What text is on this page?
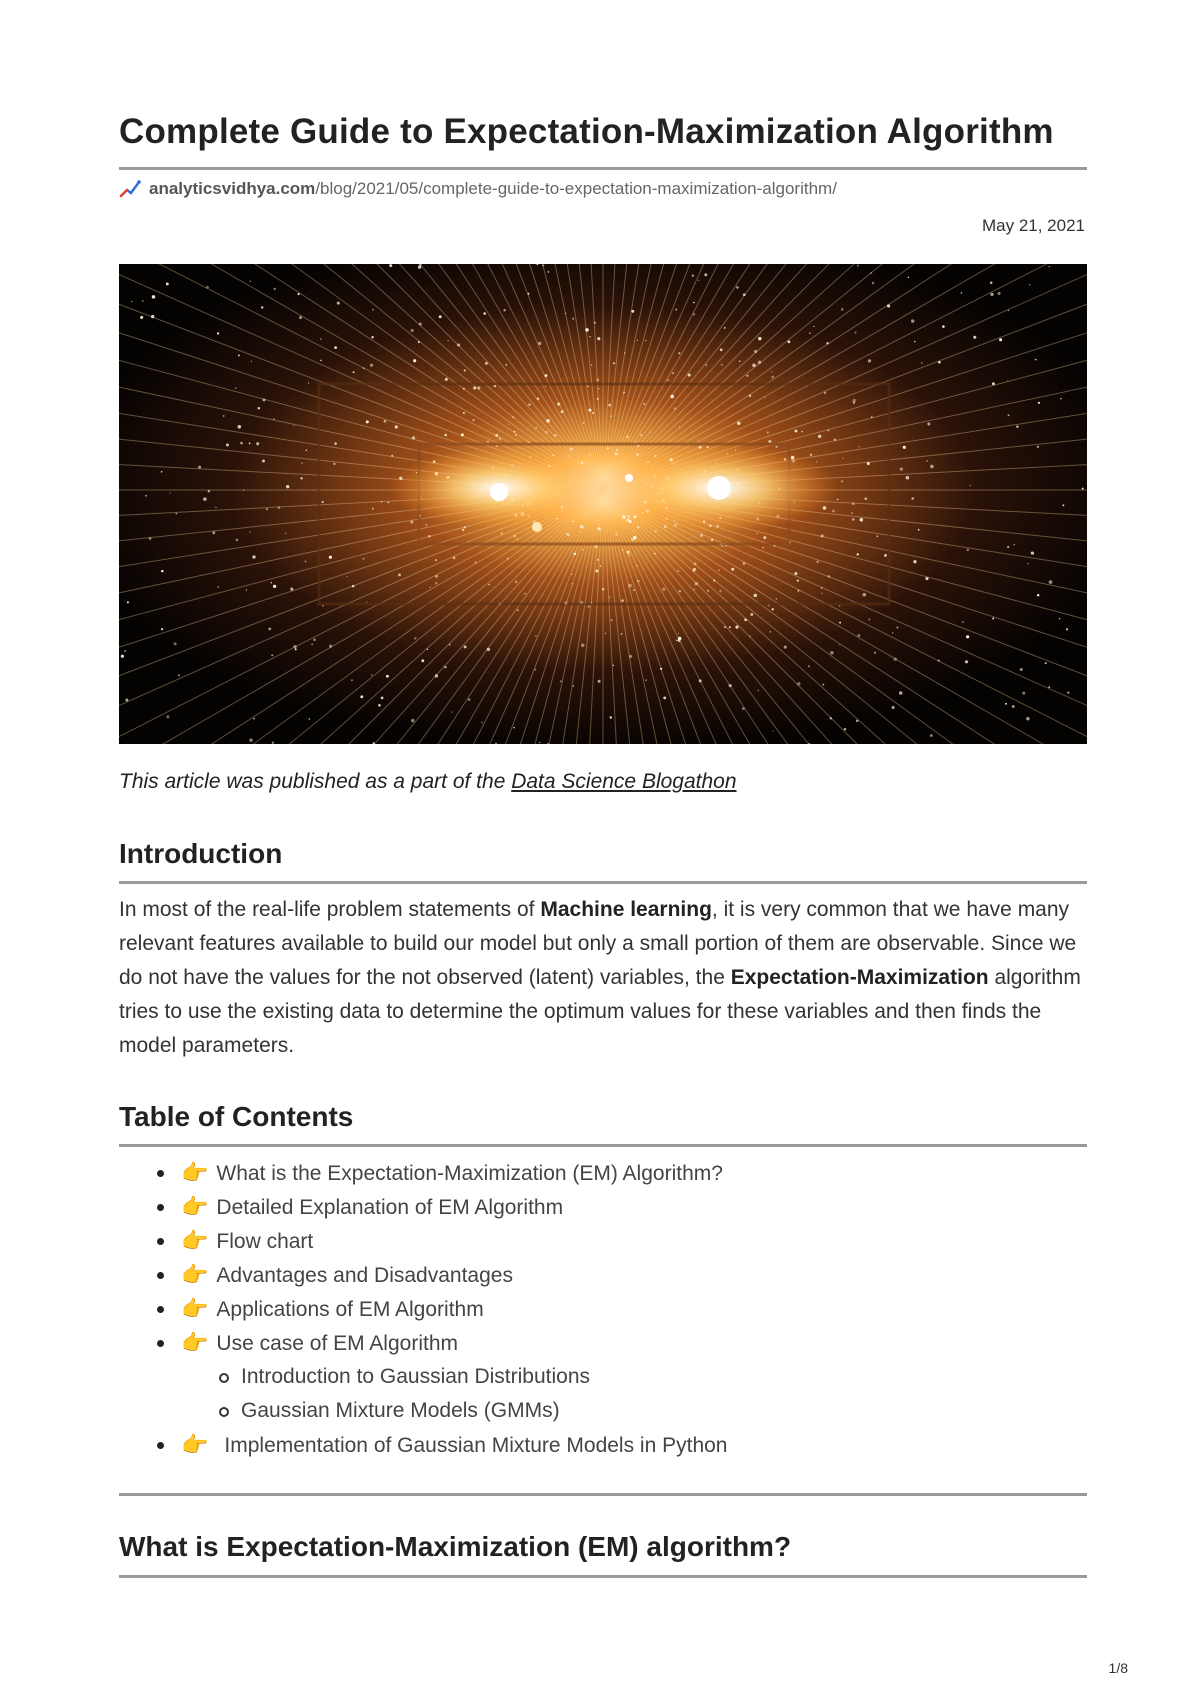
Complete Guide to Expectation-Maximization Algorithm
analyticsvidhya.com /blog/2021/05/complete-guide-to-expectation-maximization-algorithm/
May 21, 2021
This article was published as a part of the Data Science Blogathon
Introduction

In most of the real-life problem statements of Machine learning, it is very common that we have many relevant features available to build our model but only a small portion of them are observable. Since we do not have the values for the not observed (latent) variables, the Expectation-Maximization algorithm tries to use the existing data to determine the optimum values for these variables and then finds the model parameters.

Table of Contents
👉 What is the Expectation-Maximization (EM) Algorithm?
👉 Detailed Explanation of EM Algorithm
👉 Flow chart
👉 Advantages and Disadvantages
👉 Applications of EM Algorithm
👉 Use case of EM Algorithm
Introduction to Gaussian Distributions
Gaussian Mixture Models (GMMs)
👉 Implementation of Gaussian Mixture Models in Python
What is Expectation-Maximization (EM) algorithm?
1/8
